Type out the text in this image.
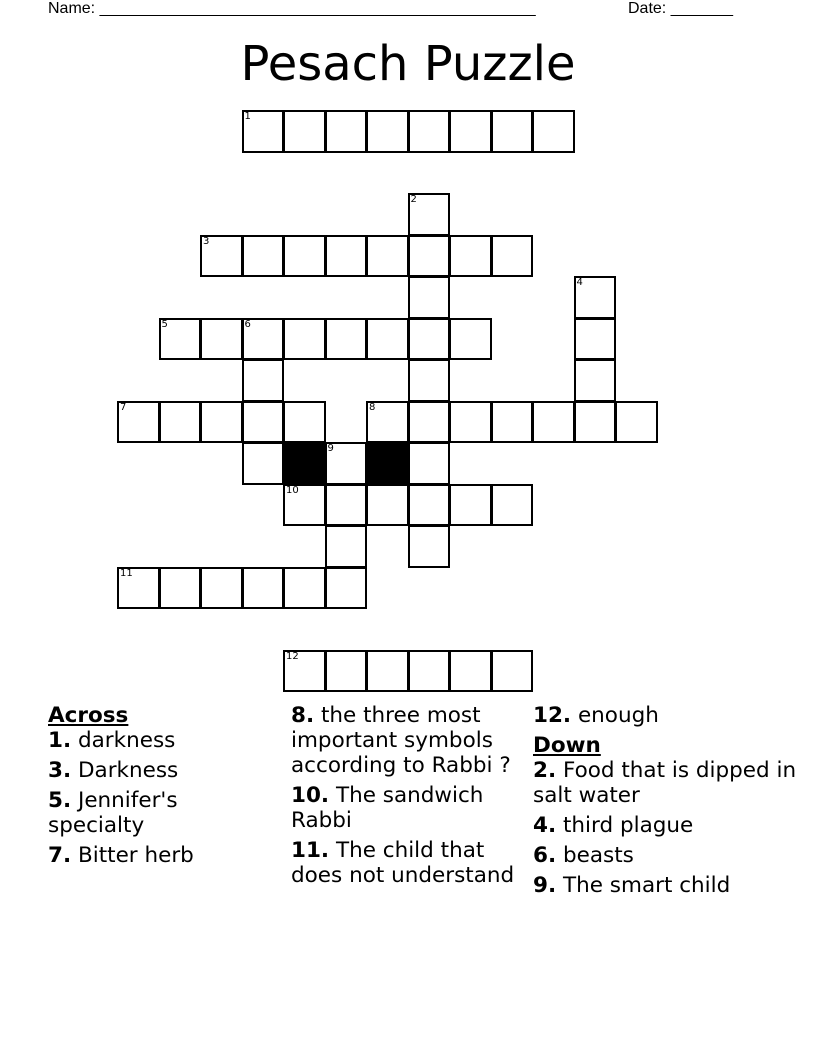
Name: _________________________________________________	Date: _______
Pesach Puzzle
1
2
3
4
5	6
7	8
9
10
11
12

Across

1. darkness

3. Darkness

5. Jennifer's specialty

7. Bitter herb

8. the three most important symbols according to Rabbi ?

10. The sandwich Rabbi

11. The child that does not understand

12. enough

Down

2. Food that is dipped in salt water

4. third plague

6. beasts

9. The smart child
